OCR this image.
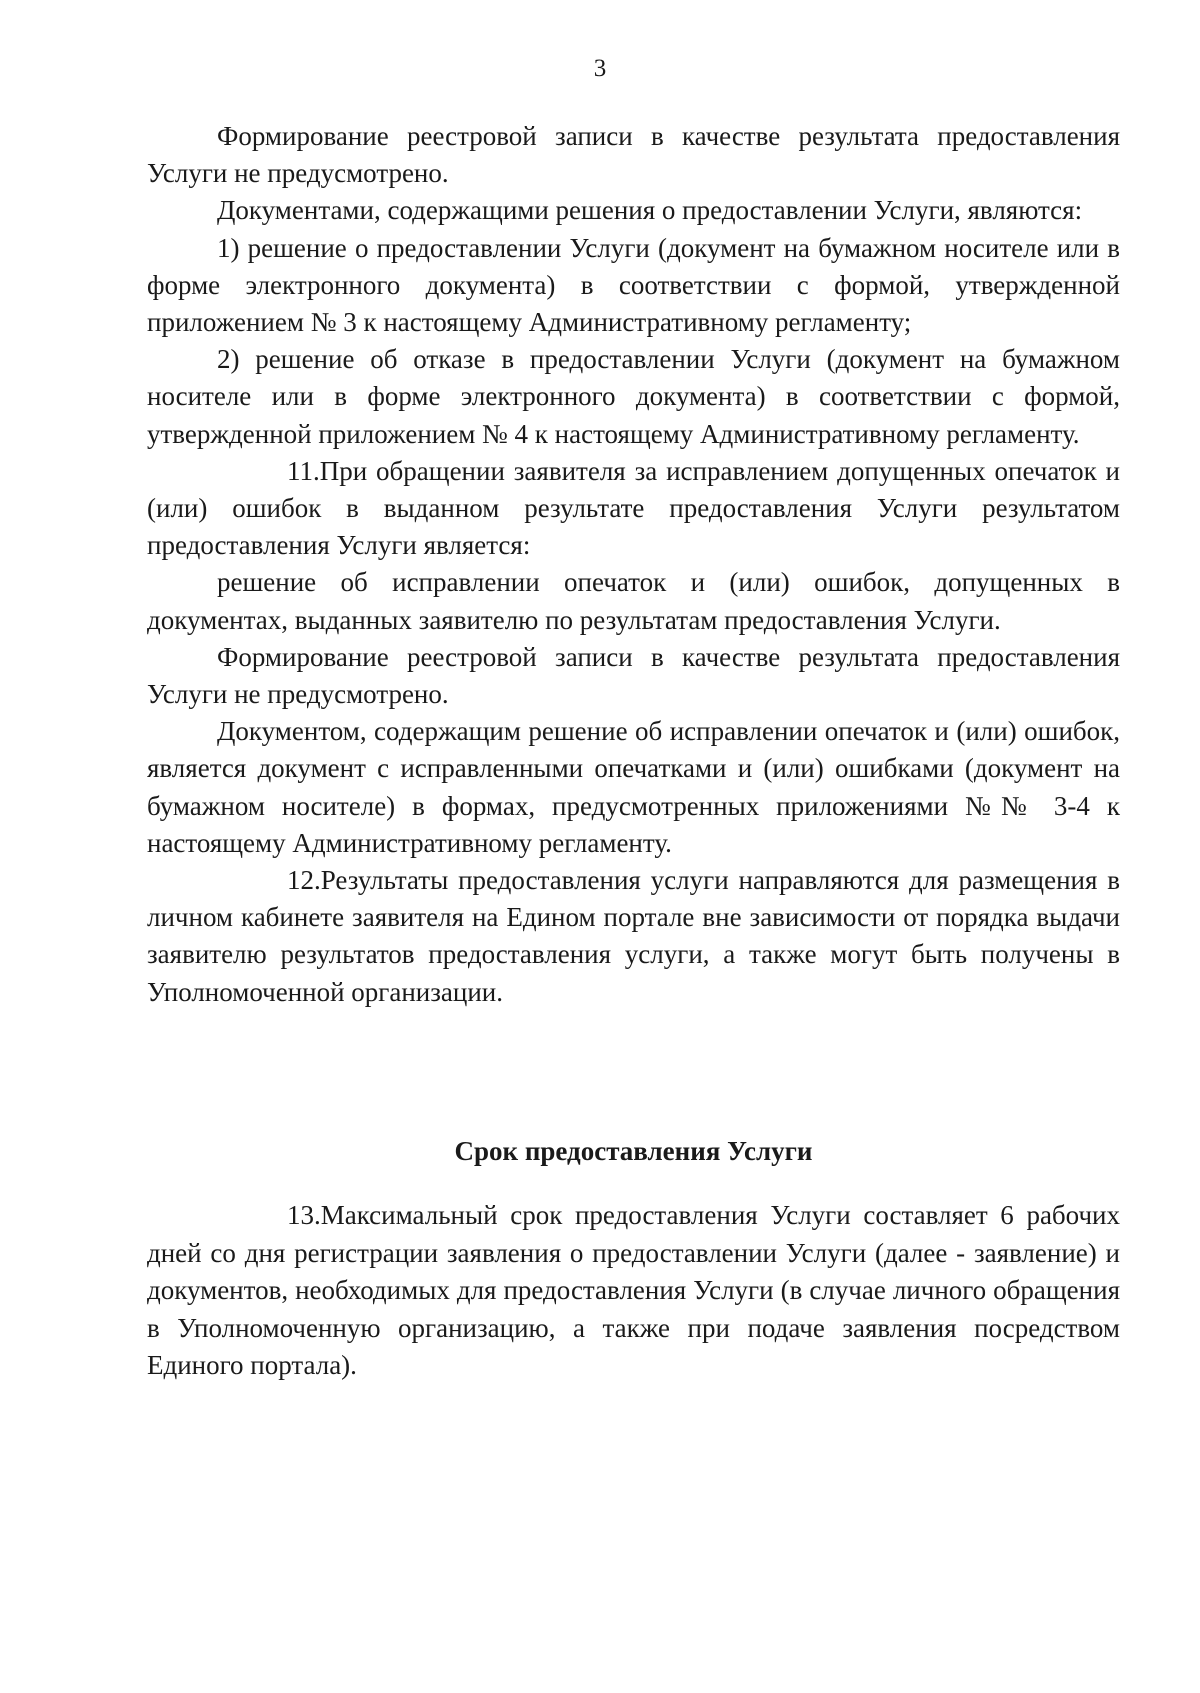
3

Формирование реестровой записи в качестве результата предоставления Услуги не предусмотрено.

Документами, содержащими решения о предоставлении Услуги, являются:

1) решение о предоставлении Услуги (документ на бумажном носителе или в форме электронного документа) в соответствии с формой, утвержденной приложением № 3 к настоящему Административному регламенту;

2) решение об отказе в предоставлении Услуги (документ на бумажном носителе или в форме электронного документа) в соответствии с формой, утвержденной приложением № 4 к настоящему Административному регламенту.

11.При обращении заявителя за исправлением допущенных опечаток и (или) ошибок в выданном результате предоставления Услуги результатом предоставления Услуги является:

решение об исправлении опечаток и (или) ошибок, допущенных в документах, выданных заявителю по результатам предоставления Услуги.

Формирование реестровой записи в качестве результата предоставления Услуги не предусмотрено.

Документом, содержащим решение об исправлении опечаток и (или) ошибок, является документ с исправленными опечатками и (или) ошибками (документ на бумажном носителе) в формах, предусмотренных приложениями №№ 3-4 к настоящему Административному регламенту.

12.Результаты предоставления услуги направляются для размещения в личном кабинете заявителя на Едином портале вне зависимости от порядка выдачи заявителю результатов предоставления услуги, а также могут быть получены в Уполномоченной организации.

Срок предоставления Услуги

13.Максимальный срок предоставления Услуги составляет 6 рабочих дней со дня регистрации заявления о предоставлении Услуги (далее - заявление) и документов, необходимых для предоставления Услуги (в случае личного обращения в Уполномоченную организацию, а также при подаче заявления посредством Единого портала).
